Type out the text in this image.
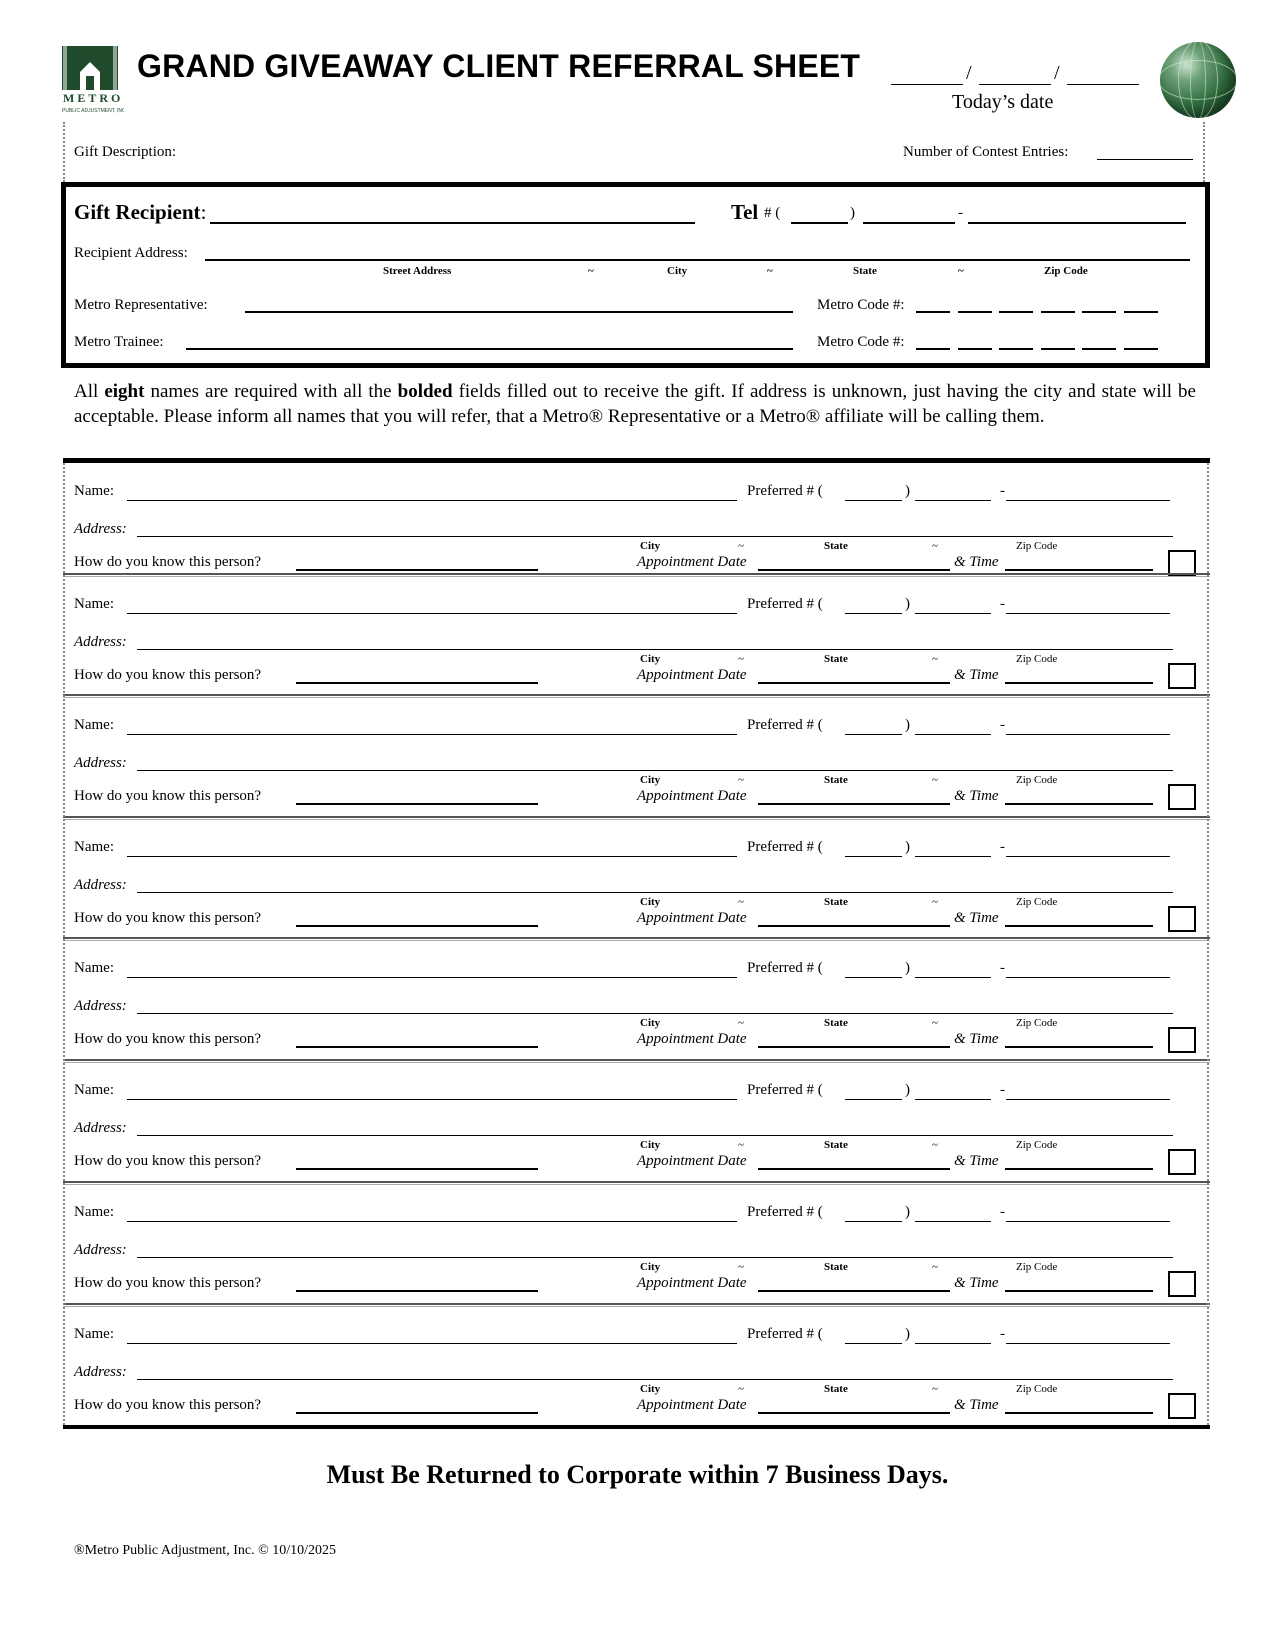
METRO
PUBLIC ADJUSTMENT, INC.
GRAND GIVEAWAY CLIENT REFERRAL SHEET	/	/
Today’s date
Gift Description:	Number of Contest Entries:
Gift Recipient:	Tel # (	)	-
Recipient Address:
Street Address	~	City	~	State	~	Zip Code
Metro Representative:	Metro Code #:
Metro Trainee:	Metro Code #:
All eight names are required with all the bolded fields filled out to receive the gift. If address is unknown, just having the city and state will be acceptable. Please inform all names that you will refer, that a Metro® Representative or a Metro® affiliate will be calling them.
Name:	Preferred # (	)	-
Address:
City	~	State	~	Zip Code
How do you know this person?	Appointment Date	& Time
Name:	Preferred # (	)	-
Address:
City	~	State	~	Zip Code
How do you know this person?	Appointment Date	& Time
Name:	Preferred # (	)	-
Address:
City	~	State	~	Zip Code
How do you know this person?	Appointment Date	& Time
Name:	Preferred # (	)	-
Address:
City	~	State	~	Zip Code
How do you know this person?	Appointment Date	& Time
Name:	Preferred # (	)	-
Address:
City	~	State	~	Zip Code
How do you know this person?	Appointment Date	& Time
Name:	Preferred # (	)	-
Address:
City	~	State	~	Zip Code
How do you know this person?	Appointment Date	& Time
Name:	Preferred # (	)	-
Address:
City	~	State	~	Zip Code
How do you know this person?	Appointment Date	& Time
Name:	Preferred # (	)	-
Address:
City	~	State	~	Zip Code
How do you know this person?	Appointment Date	& Time
Must Be Returned to Corporate within 7 Business Days.
®Metro Public Adjustment, Inc. © 10/10/2025
